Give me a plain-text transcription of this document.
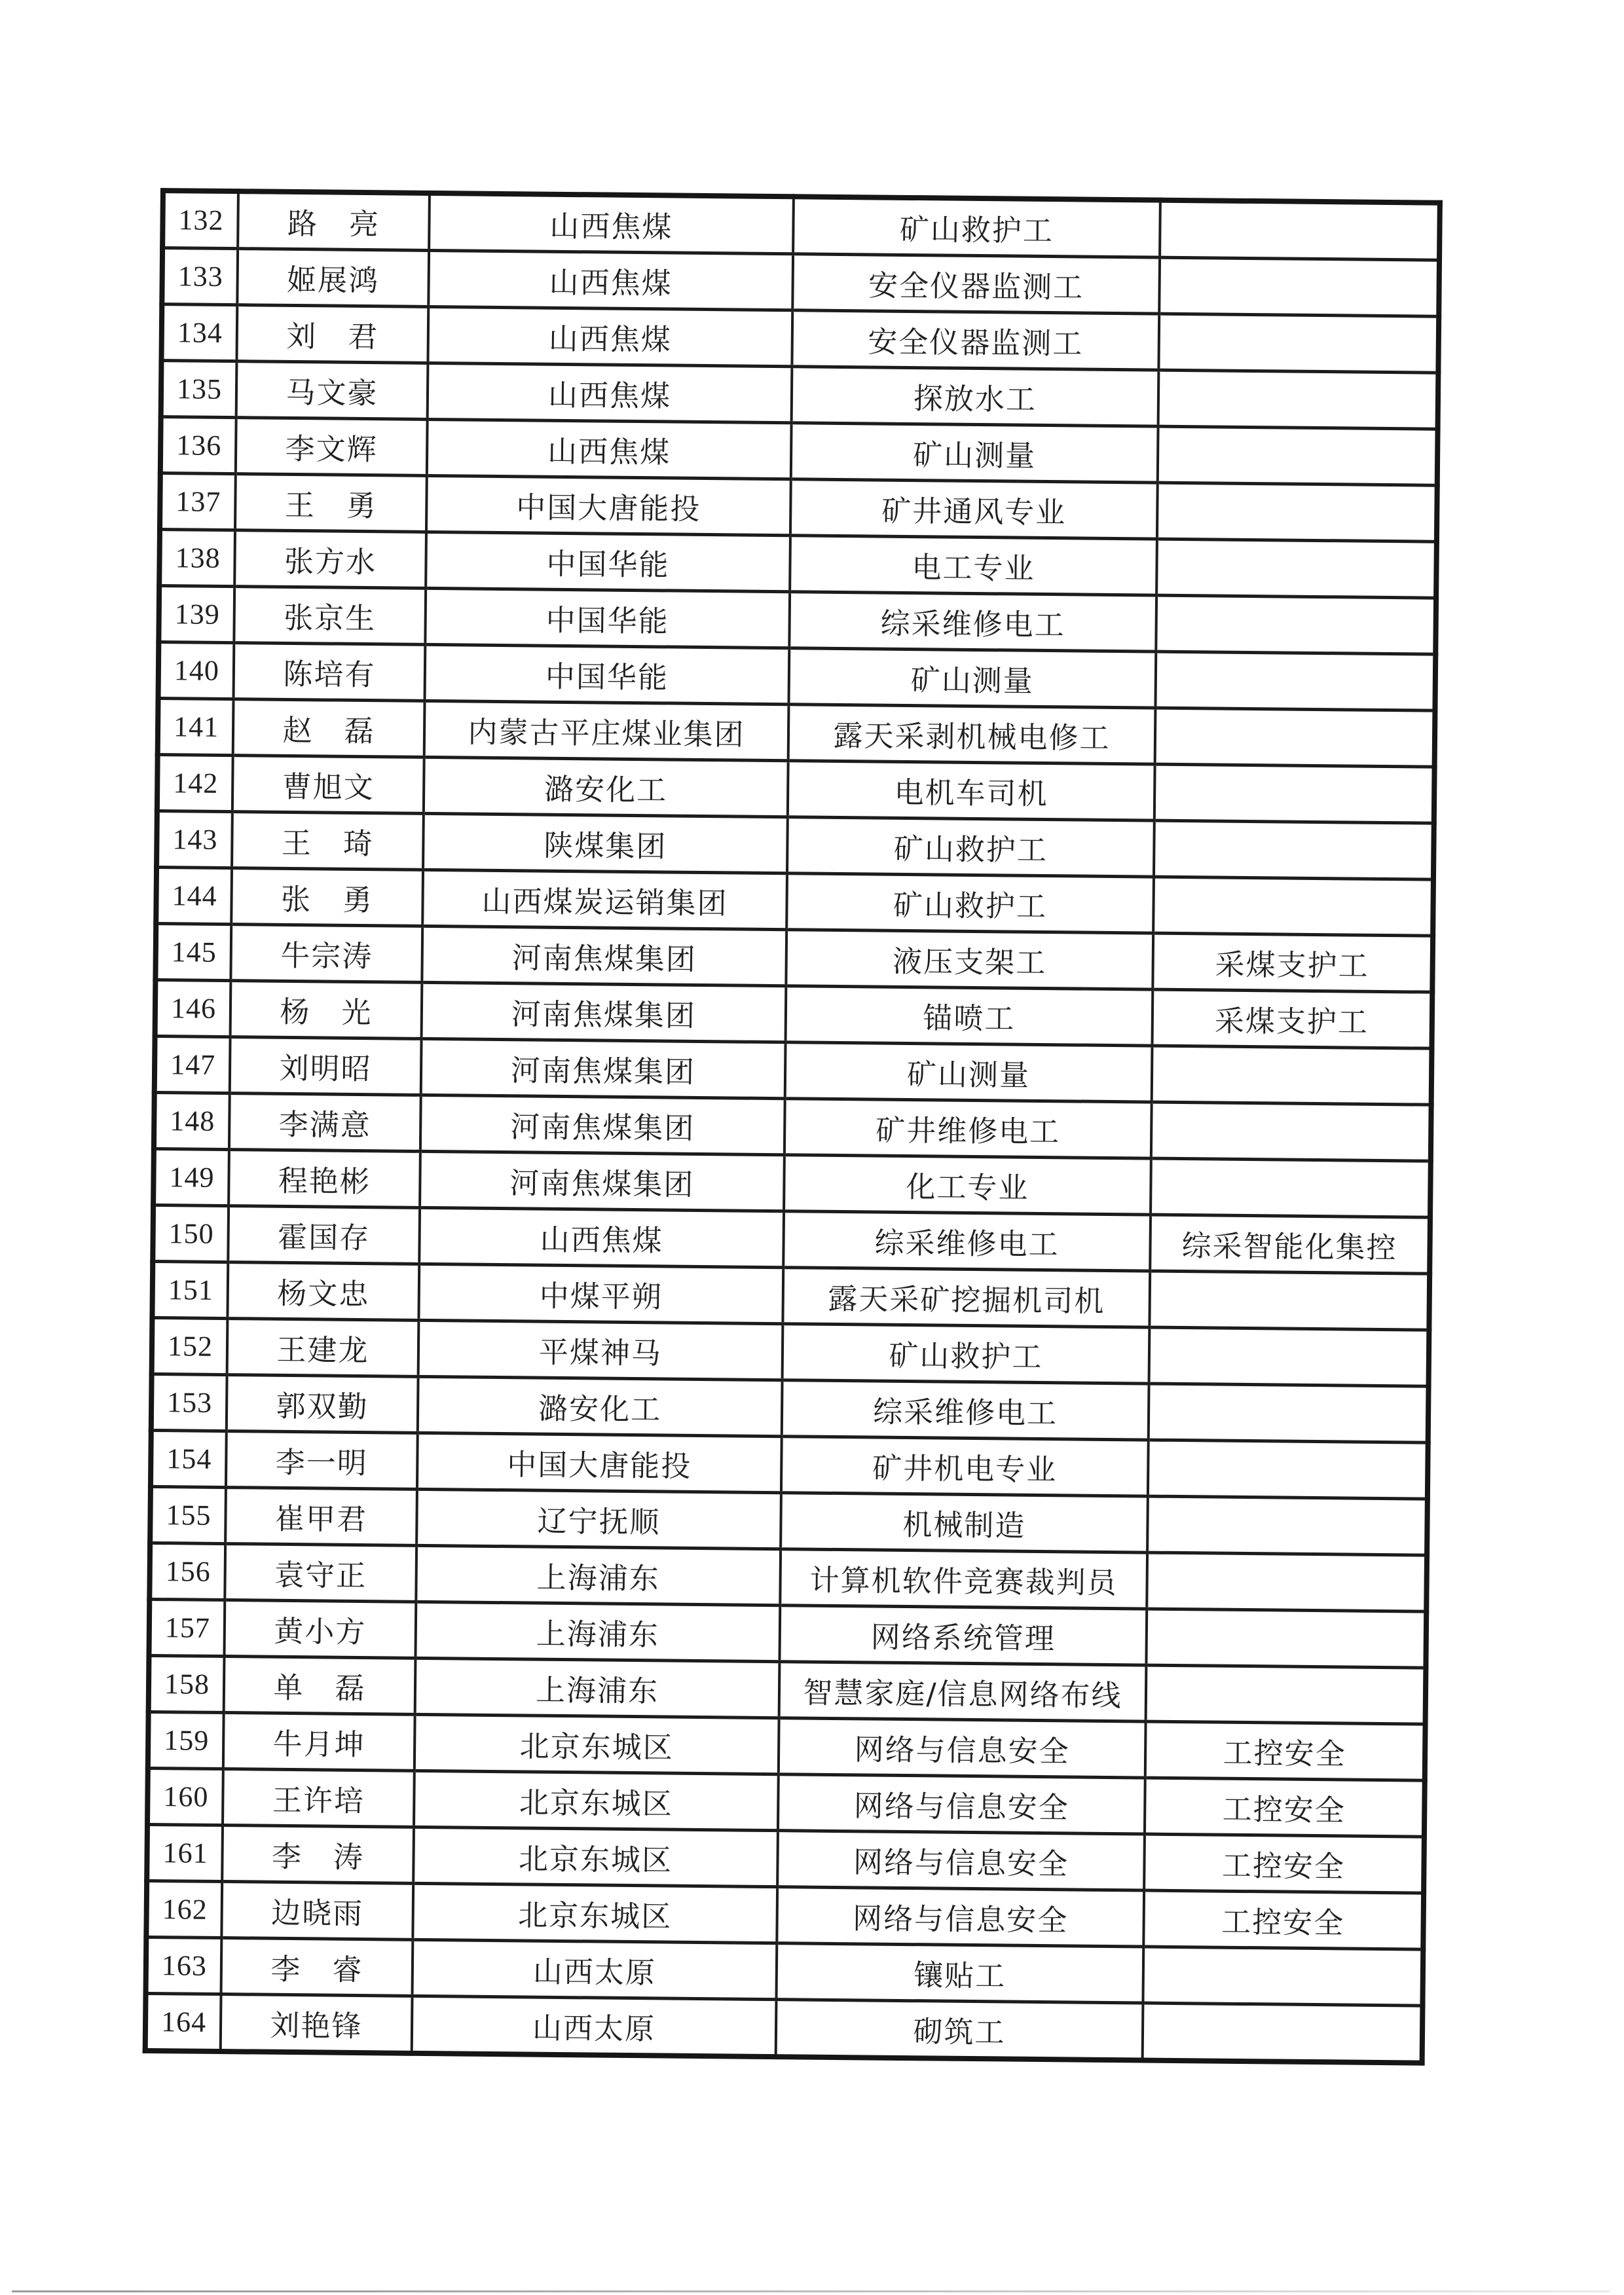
132	路　亮	山西焦煤	矿山救护工	
133	姬展鸿	山西焦煤	安全仪器监测工	
134	刘　君	山西焦煤	安全仪器监测工	
135	马文豪	山西焦煤	探放水工	
136	李文辉	山西焦煤	矿山测量	
137	王　勇	中国大唐能投	矿井通风专业	
138	张方水	中国华能	电工专业	
139	张京生	中国华能	综采维修电工	
140	陈培有	中国华能	矿山测量	
141	赵　磊	内蒙古平庄煤业集团	露天采剥机械电修工	
142	曹旭文	潞安化工	电机车司机	
143	王　琦	陕煤集团	矿山救护工	
144	张　勇	山西煤炭运销集团	矿山救护工	
145	牛宗涛	河南焦煤集团	液压支架工	采煤支护工
146	杨　光	河南焦煤集团	锚喷工	采煤支护工
147	刘明昭	河南焦煤集团	矿山测量	
148	李满意	河南焦煤集团	矿井维修电工	
149	程艳彬	河南焦煤集团	化工专业	
150	霍国存	山西焦煤	综采维修电工	综采智能化集控
151	杨文忠	中煤平朔	露天采矿挖掘机司机	
152	王建龙	平煤神马	矿山救护工	
153	郭双勤	潞安化工	综采维修电工	
154	李一明	中国大唐能投	矿井机电专业	
155	崔甲君	辽宁抚顺	机械制造	
156	袁守正	上海浦东	计算机软件竞赛裁判员	
157	黄小方	上海浦东	网络系统管理	
158	单　磊	上海浦东	智慧家庭/信息网络布线	
159	牛月坤	北京东城区	网络与信息安全	工控安全
160	王许培	北京东城区	网络与信息安全	工控安全
161	李　涛	北京东城区	网络与信息安全	工控安全
162	边晓雨	北京东城区	网络与信息安全	工控安全
163	李　睿	山西太原	镶贴工	
164	刘艳锋	山西太原	砌筑工	
